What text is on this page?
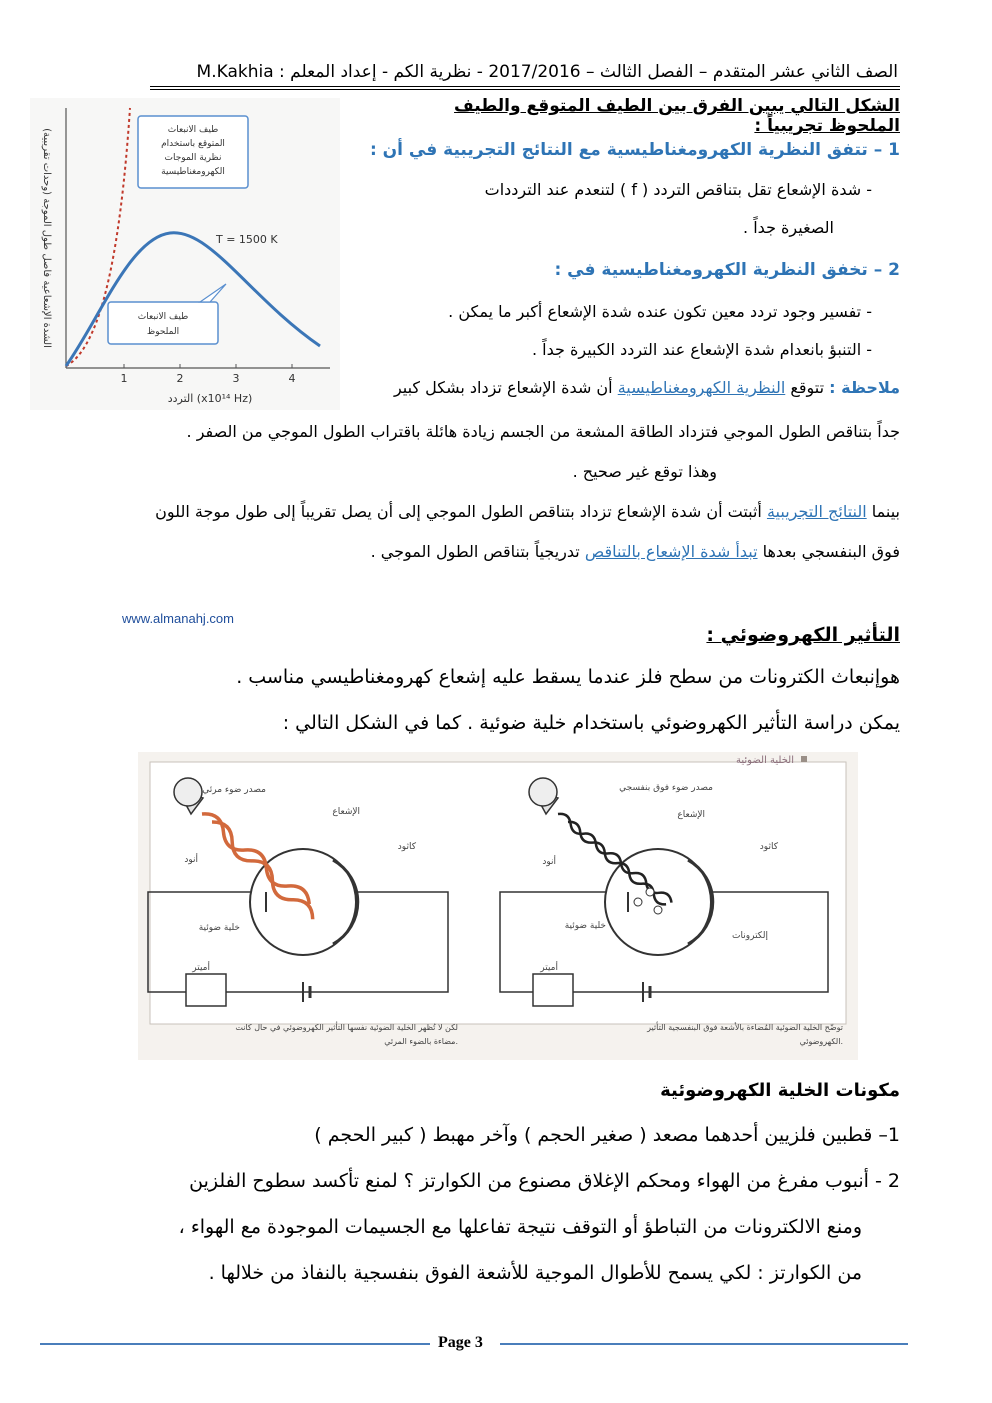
الصف الثاني عشر المتقدم – الفصل الثالث – 2017/2016 - نظرية الكم - إعداد المعلم : M.Kakhia
1	2	3	4
التردد (x10¹⁴ Hz)
الشدة الإشعاعية فاصل طول الموجة (وحدات تقريبية)	T = 1500 K
طيف الانبعاث
المتوقع باستخدام
نظرية الموجات
الكهرومغناطيسية
طيف الانبعاث
الملحوظ
الشكل التالي يبين الفرق بين الطيف المتوقع والطيف الملحوظ تجريبياً :
1 – تتفق النظرية الكهرومغناطيسية مع النتائج التجريبية في أن :
- شدة الإشعاع تقل بتناقص التردد ( f ) لتنعدم عند الترددات
الصغيرة جداً .
2 – تخفق النظرية الكهرومغناطيسية في :
- تفسير وجود تردد معين تكون عنده شدة الإشعاع أكبر ما يمكن .
- التنبؤ بانعدام شدة الإشعاع عند التردد الكبيرة جداً .
ملاحظة : تتوقع النظرية الكهرومغناطيسية أن شدة الإشعاع تزداد بشكل كبير
جداً بتناقص الطول الموجي فتزداد الطاقة المشعة من الجسم زيادة هائلة باقتراب الطول الموجي من الصفر .
وهذا توقع غير صحيح .
بينما النتائج التجريبية أثبتت أن شدة الإشعاع تزداد بتناقص الطول الموجي إلى أن يصل تقريباً إلى طول موجة اللون
فوق البنفسجي بعدها تبدأ شدة الإشعاع بالتناقص تدريجياً بتناقص الطول الموجي .
www.almanahj.com
التأثير الكهروضوئي :
هوإنبعاث الكترونات من سطح فلز عندما يسقط عليه إشعاع كهرومغناطيسي مناسب .
يمكن دراسة التأثير الكهروضوئي باستخدام خلية ضوئية . كما في الشكل التالي :
الخلية الضوئية
مصدر ضوء فوق بنفسجي
الإشعاع
كاثود
أنود
خلية ضوئية
إلكترونات
أميتر
توضّح الخلية الضوئية المُضاءة بالأشعة فوق البنفسجية التأثير
الكهروضوئي.
مصدر ضوء مرئي
الإشعاع
كاثود
أنود
خلية ضوئية
أميتر
لكن لا تُظهر الخلية الضوئية نفسها التأثير الكهروضوئي في حال كانت
مضاءة بالضوء المرئي.
مكونات الخلية الكهروضوئية
1– قطبين فلزيين أحدهما مصعد ( صغير الحجم ) وآخر مهبط ( كبير الحجم )
2 - أنبوب مفرغ من الهواء ومحكم الإغلاق مصنوع من الكوارتز ؟ لمنع تأكسد سطوح الفلزين
ومنع الالكترونات من التباطؤ أو التوقف نتيجة تفاعلها مع الجسيمات الموجودة مع الهواء ،
من الكوارتز : لكي يسمح للأطوال الموجية للأشعة الفوق بنفسجية بالنفاذ من خلالها .
Page 3
